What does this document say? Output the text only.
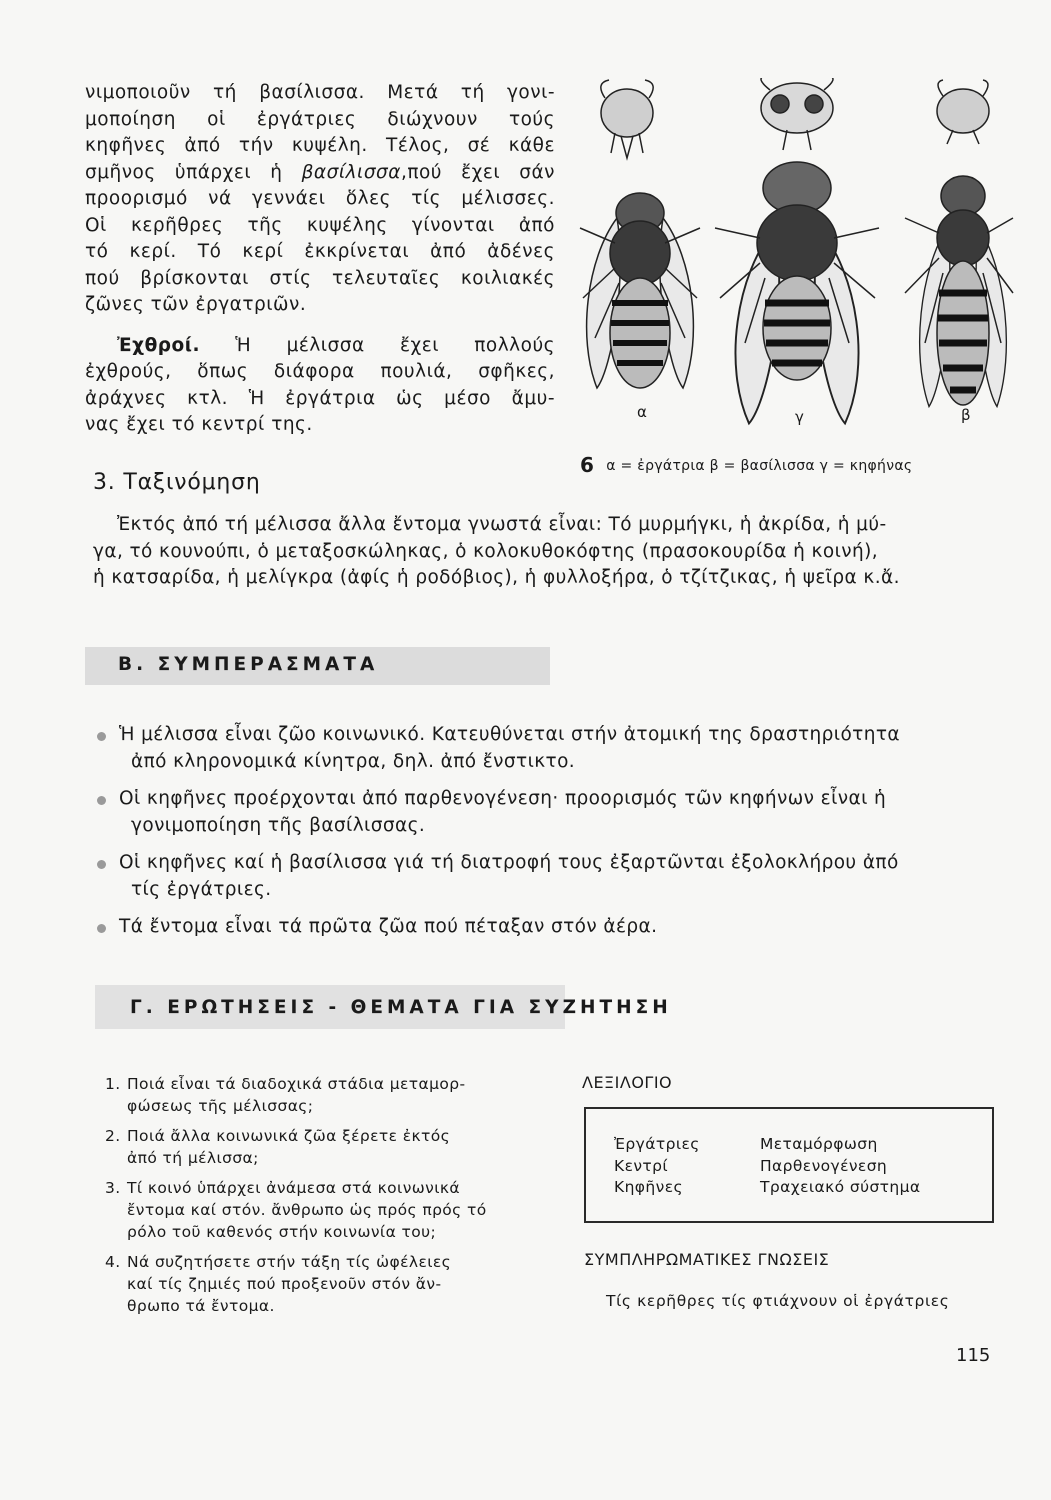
νιμοποιοῦν τή βασίλισσα. Μετά τή γονι-
μοποίηση οἱ ἐργάτριες διώχνουν τούς
κηφῆνες ἀπό τήν κυψέλη. Τέλος, σέ κάθε
σμῆνος ὑπάρχει ἡ βασίλισσα,πού ἔχει σάν
προορισμό νά γεννάει ὅλες τίς μέλισσες.
Οἱ κερῆθρες τῆς κυψέλης γίνονται ἀπό
τό κερί. Τό κερί ἐκκρίνεται ἀπό ἀδένες
πού βρίσκονται στίς τελευταῖες κοιλιακές
ζῶνες τῶν ἐργατριῶν.
Ἐχθροί. Ἡ μέλισσα ἔχει πολλούς
ἐχθρούς, ὅπως διάφορα πουλιά, σφῆκες,
ἀράχνες κτλ. Ἡ ἐργάτρια ὡς μέσο ἄμυ-
νας ἔχει τό κεντρί της.
α	γ	β
6 α = ἐργάτρια β = βασίλισσα γ = κηφήνας
3. Ταξινόμηση
Ἐκτός ἀπό τή μέλισσα ἄλλα ἔντομα γνωστά εἶναι: Τό μυρμήγκι, ἡ ἀκρίδα, ἡ μύ-
γα, τό κουνούπι, ὁ μεταξοσκώληκας, ὁ κολοκυθοκόφτης (πρασοκουρίδα ἡ κοινή),
ἡ κατσαρίδα, ἡ μελίγκρα (ἀφίς ἡ ροδόβιος), ἡ φυλλοξήρα, ὁ τζίτζικας, ἡ ψεῖρα κ.ἄ.
Β. ΣΥΜΠΕΡΑΣΜΑΤΑ
Ἡ μέλισσα εἶναι ζῶο κοινωνικό. Κατευθύνεται στήν ἀτομική της δραστηριότητα
ἀπό κληρονομικά κίνητρα, δηλ. ἀπό ἔνστικτο.
Οἱ κηφῆνες προέρχονται ἀπό παρθενογένεση· προορισμός τῶν κηφήνων εἶναι ἡ
γονιμοποίηση τῆς βασίλισσας.
Οἱ κηφῆνες καί ἡ βασίλισσα γιά τή διατροφή τους ἐξαρτῶνται ἐξολοκλήρου ἀπό
τίς ἐργάτριες.
Τά ἔντομα εἶναι τά πρῶτα ζῶα πού πέταξαν στόν ἀέρα.
Γ. ΕΡΩΤΗΣΕΙΣ - ΘΕΜΑΤΑ ΓΙΑ ΣΥΖΗΤΗΣΗ
1. Ποιά εἶναι τά διαδοχικά στάδια μεταμορ-
φώσεως τῆς μέλισσας;
2. Ποιά ἄλλα κοινωνικά ζῶα ξέρετε ἐκτός
ἀπό τή μέλισσα;
3. Τί κοινό ὑπάρχει ἀνάμεσα στά κοινωνικά
ἔντομα καί στόν. ἄνθρωπο ὡς πρός πρός τό
ρόλο τοῦ καθενός στήν κοινωνία του;
4. Νά συζητήσετε στήν τάξη τίς ὠφέλειες
καί τίς ζημιές πού προξενοῦν στόν ἄν-
θρωπο τά ἔντομα.
ΛΕΞΙΛΟΓΙΟ
Ἐργάτριες
Κεντρί
Κηφῆνες
Μεταμόρφωση
Παρθενογένεση
Τραχειακό σύστημα
ΣΥΜΠΛΗΡΩΜΑΤΙΚΕΣ ΓΝΩΣΕΙΣ
Τίς κερῆθρες τίς φτιάχνουν οἱ ἐργάτριες
115
